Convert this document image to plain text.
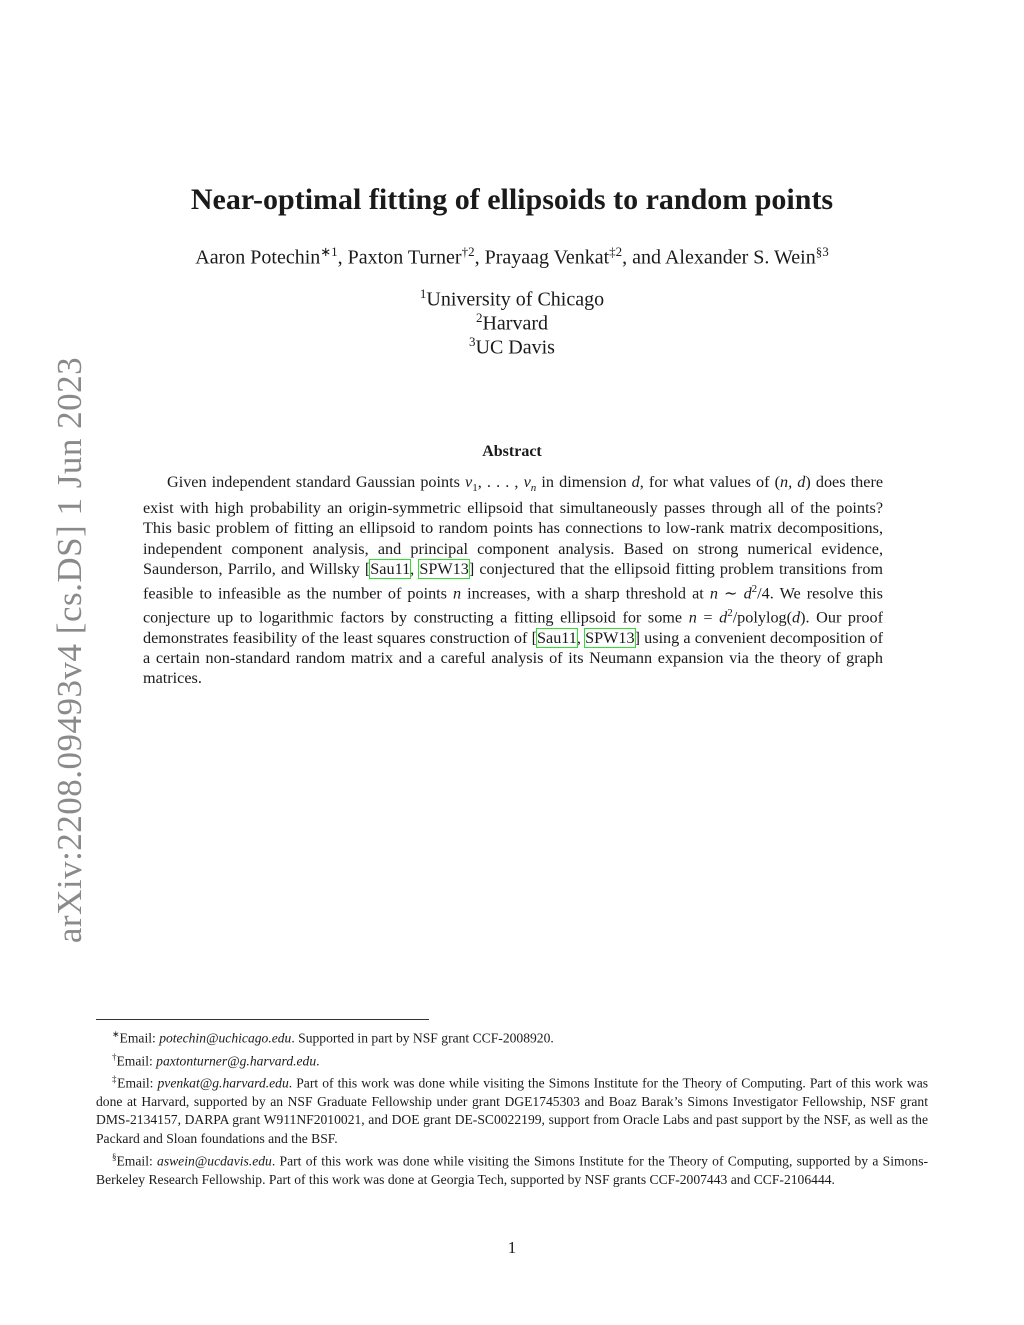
arXiv:2208.09493v4 [cs.DS] 1 Jun 2023
Near-optimal fitting of ellipsoids to random points
Aaron Potechin$^{∗1}$, Paxton Turner$^{\dagger 2}$, Prayaag Venkat$^{\ddagger 2}$, and Alexander S. Wein$^{\S 3}$
$^1$University of Chicago
$^2$Harvard
$^3$UC Davis
Abstract
Given independent standard Gaussian points $v_1$, . . . , $v_n$ in dimension d, for what values of (n, d) does there exist with high probability an origin-symmetric ellipsoid that simultaneously passes through all of the points? This basic problem of fitting an ellipsoid to random points has connections to low-rank matrix decompositions, independent component analysis, and principal component analysis. Based on strong numerical evidence, Saunderson, Parrilo, and Willsky [Sau11, SPW13] conjectured that the ellipsoid fitting problem transitions from feasible to infeasible as the number of points n increases, with a sharp threshold at n ∼ $d^2/4$. We resolve this conjecture up to logarithmic factors by constructing a fitting ellipsoid for some $n = d^2/polylog(d)$. Our proof demonstrates feasibility of the least squares construction of [Sau11, SPW13] using a convenient decomposition of a certain non-standard random matrix and a careful analysis of its Neumann expansion via the theory of graph matrices.

∗Email: potechin@uchicago.edu. Supported in part by NSF grant CCF-2008920.

†Email: paxtonturner@g.harvard.edu.

‡Email: pvenkat@g.harvard.edu. Part of this work was done while visiting the Simons Institute for the Theory of Computing. Part of this work was done at Harvard, supported by an NSF Graduate Fellowship under grant DGE1745303 and Boaz Barak’s Simons Investigator Fellowship, NSF grant DMS-2134157, DARPA grant W911NF2010021, and DOE grant DE-SC0022199, support from Oracle Labs and past support by the NSF, as well as the Packard and Sloan foundations and the BSF.

§Email: aswein@ucdavis.edu. Part of this work was done while visiting the Simons Institute for the Theory of Computing, supported by a Simons-Berkeley Research Fellowship. Part of this work was done at Georgia Tech, supported by NSF grants CCF-2007443 and CCF-2106444.

1
